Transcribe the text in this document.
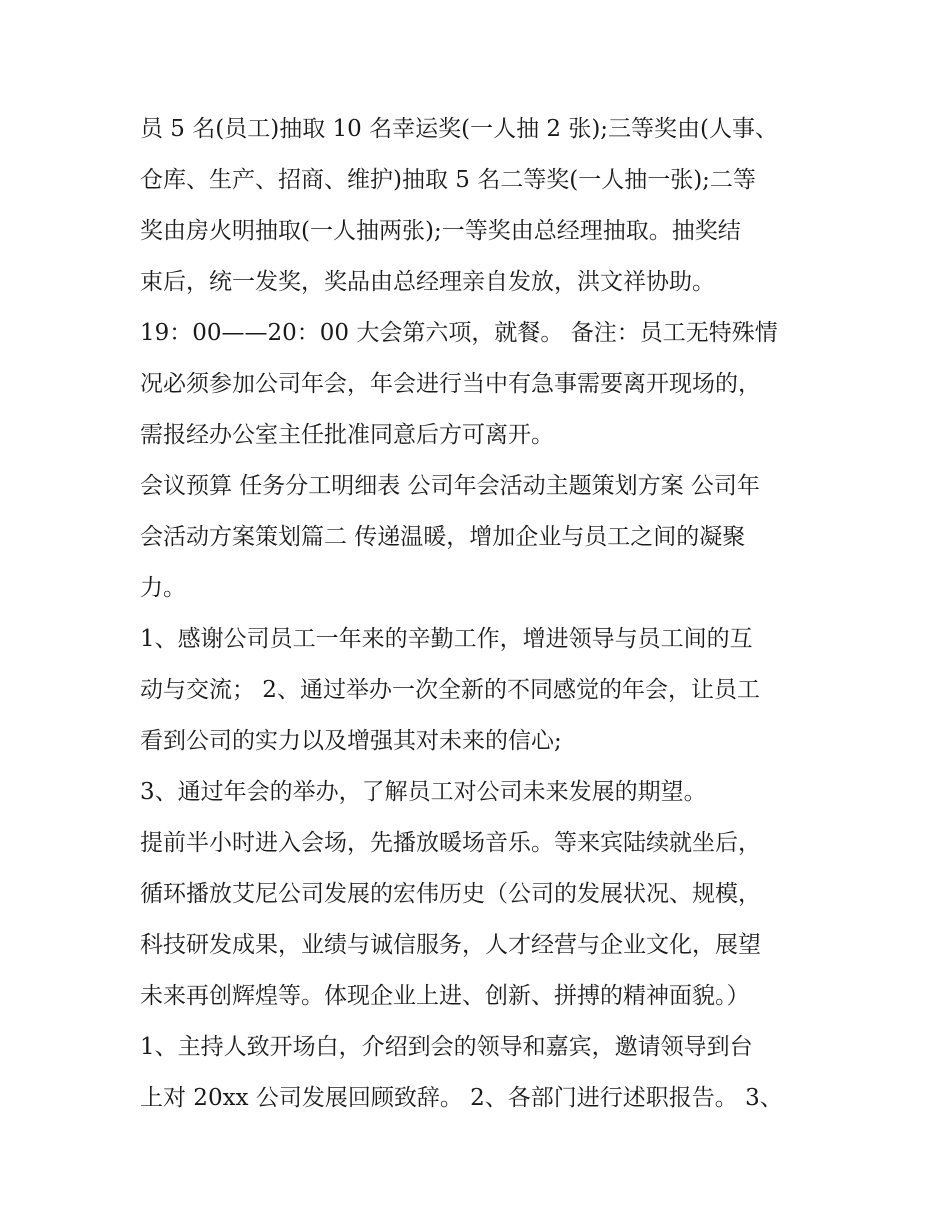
员 5 名(员工)抽取 10 名幸运奖(一人抽 2 张);三等奖由(人事、
仓库、生产、招商、维护)抽取 5 名二等奖(一人抽一张);二等
奖由房火明抽取(一人抽两张);一等奖由总经理抽取。抽奖结
束后，统一发奖，奖品由总经理亲自发放，洪文祥协助。
19：00——20：00 大会第六项，就餐。 备注：员工无特殊情
况必须参加公司年会，年会进行当中有急事需要离开现场的，
需报经办公室主任批准同意后方可离开。
会议预算 任务分工明细表 公司年会活动主题策划方案 公司年
会活动方案策划篇二 传递温暖，增加企业与员工之间的凝聚
力。
1、感谢公司员工一年来的辛勤工作，增进领导与员工间的互
动与交流； 2、通过举办一次全新的不同感觉的年会，让员工
看到公司的实力以及增强其对未来的信心;
3、通过年会的举办，了解员工对公司未来发展的期望。
提前半小时进入会场，先播放暖场音乐。等来宾陆续就坐后，
循环播放艾尼公司发展的宏伟历史（公司的发展状况、规模，
科技研发成果，业绩与诚信服务，人才经营与企业文化，展望
未来再创辉煌等。体现企业上进、创新、拼搏的精神面貌。）
1、主持人致开场白，介绍到会的领导和嘉宾，邀请领导到台
上对 20xx 公司发展回顾致辞。 2、各部门进行述职报告。 3、
